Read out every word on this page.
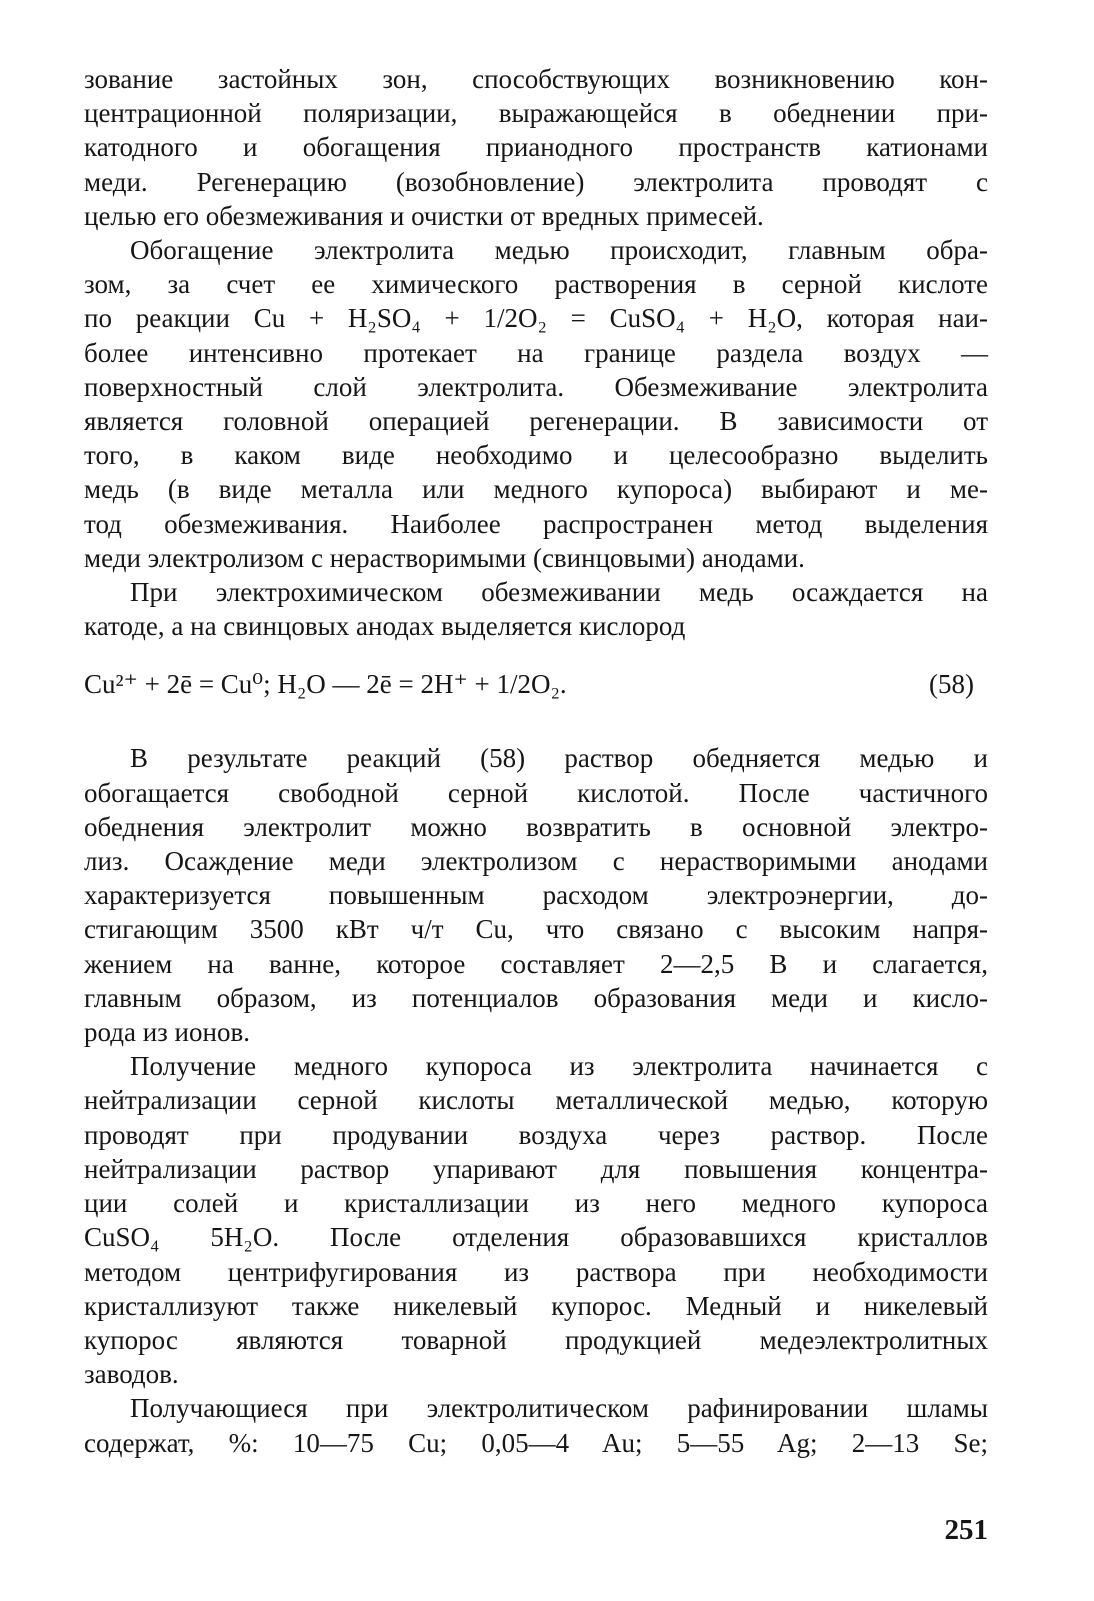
зование застойных зон, способствующих возникновению кон-
центрационной поляризации, выражающейся в обеднении при-
катодного и обогащения прианодного пространств катионами
меди. Регенерацию (возобновление) электролита проводят с
целью его обезмеживания и очистки от вредных примесей.

Обогащение электролита медью происходит, главным обра-
зом, за счет ее химического растворения в серной кислоте
по реакции Cu + H₂SO₄ + 1/2O₂ = CuSO₄ + H₂O, которая наи-
более интенсивно протекает на границе раздела воздух —
поверхностный слой электролита. Обезмеживание электролита
является головной операцией регенерации. В зависимости от
того, в каком виде необходимо и целесообразно выделить
медь (в виде металла или медного купороса) выбирают и ме-
тод обезмеживания. Наиболее распространен метод выделения
меди электролизом с нерастворимыми (свинцовыми) анодами.

При электрохимическом обезмеживании медь осаждается на
катоде, а на свинцовых анодах выделяется кислород

Cu²⁺ + 2ē = Cu⁰; H₂O — 2ē = 2H⁺ + 1/2O₂.	(58)

В результате реакций (58) раствор обедняется медью и
обогащается свободной серной кислотой. После частичного
обеднения электролит можно возвратить в основной электро-
лиз. Осаждение меди электролизом с нерастворимыми анодами
характеризуется повышенным расходом электроэнергии, до-
стигающим 3500 кВт ч/т Cu, что связано с высоким напря-
жением на ванне, которое составляет 2—2,5 В и слагается,
главным образом, из потенциалов образования меди и кисло-
рода из ионов.

Получение медного купороса из электролита начинается с
нейтрализации серной кислоты металлической медью, которую
проводят при продувании воздуха через раствор. После
нейтрализации раствор упаривают для повышения концентра-
ции солей и кристаллизации из него медного купороса
CuSO₄ 5H₂O. После отделения образовавшихся кристаллов
методом центрифугирования из раствора при необходимости
кристаллизуют также никелевый купорос. Медный и никелевый
купорос являются товарной продукцией медеэлектролитных
заводов.

Получающиеся при электролитическом рафинировании шламы
содержат, %: 10—75 Cu; 0,05—4 Au; 5—55 Ag; 2—13 Se;

251
